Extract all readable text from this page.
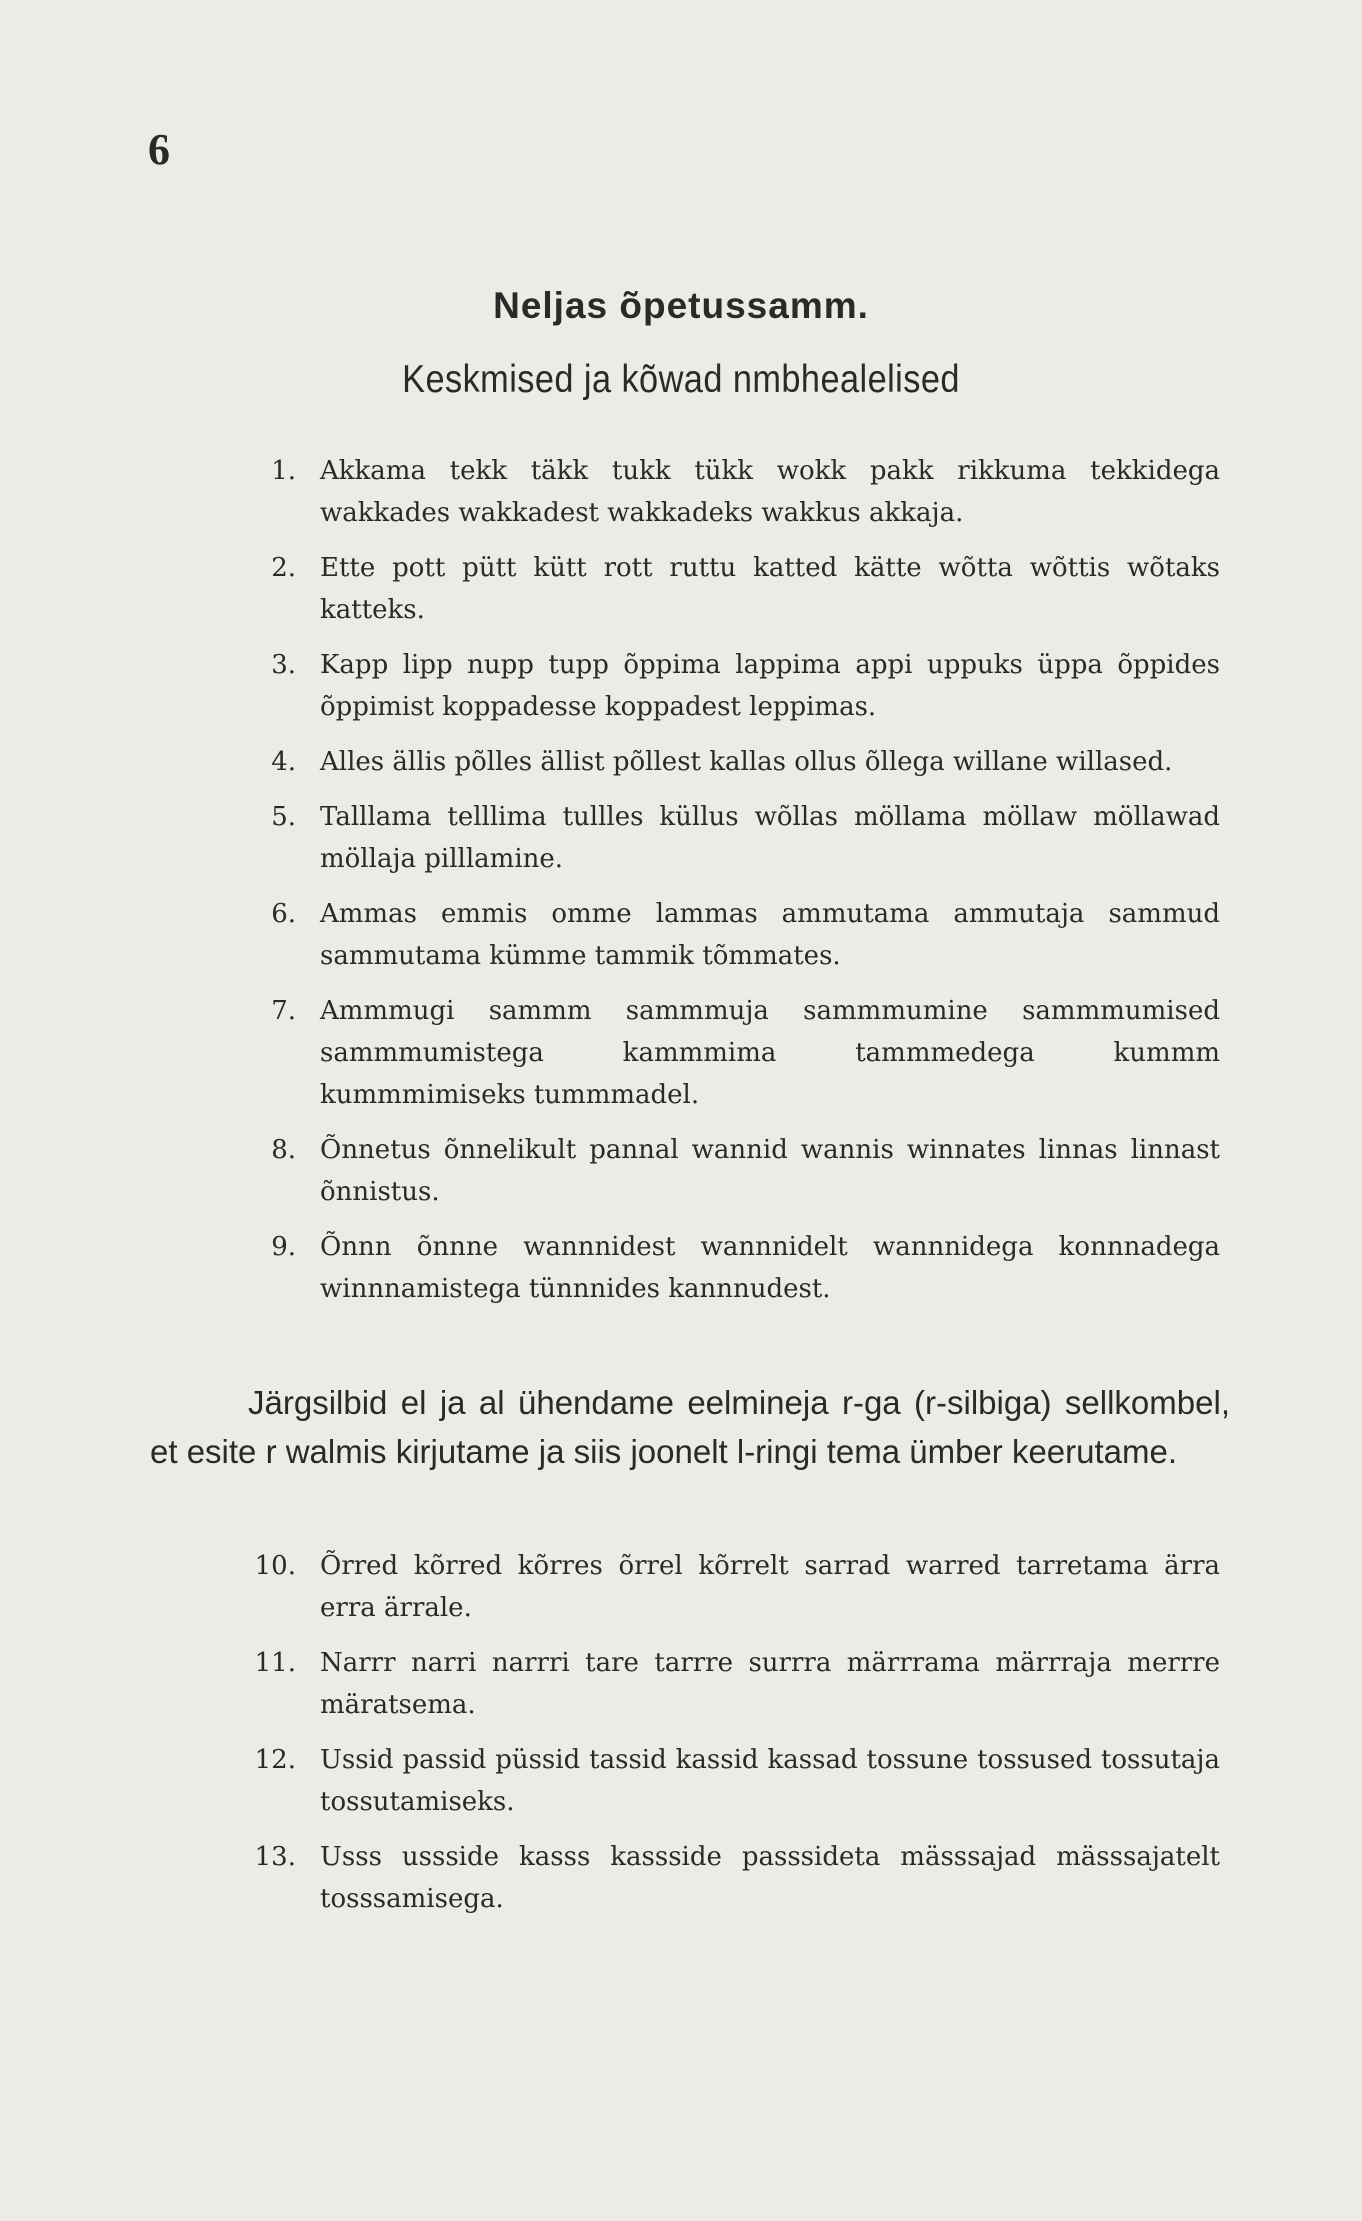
6
Neljas õpetussamm.
Keskmised ja kõwad nmbhealelised
1. Akkama tekk täkk tukk tükk wokk pakk rikkuma tekkidega wakkades wakkadest wakkadeks wakkus akkaja.
2. Ette pott pütt kütt rott ruttu katted kätte wõtta wõttis wõtaks katteks.
3. Kapp lipp nupp tupp õppima lappima appi uppuks üppa õppides õppimist koppadesse koppadest leppimas.
4. Alles ällis põlles ällist põllest kallas ollus õllega willane willased.
5. Talllama telllima tullles küllus wõllas möllama möllaw möllawad möllaja pilllamine.
6. Ammas emmis omme lammas ammutama ammutaja sammud sammutama kümme tammik tõmmates.
7. Ammmugi sammm sammmuja sammmumine sammmumised sammmumistega kammmima tammmedega kummm kummmimiseks tummmadel.
8. Õnnetus õnnelikult pannal wannid wannis winnates linnas linnast õnnistus.
9. Õnnn õnnne wannnidest wannnidelt wannnidega konnnadega winnnamistega tünnnides kannnudest.
Järgsilbid el ja al ühendame eelmineja r-ga (r-silbiga) sellkombel, et esite r walmis kirjutame ja siis joonelt l-ringi tema ümber keerutame.
10. Õrred kõrred kõrres õrrel kõrrelt sarrad warred tarretama ärra erra ärrale.
11. Narrr narri narrri tare tarrre surrra märrrama märrraja merrre märatsema.
12. Ussid passid püssid tassid kassid kassad tossune tossused tossutaja tossutamiseks.
13. Usss ussside kasss kassside passsideta mässsajad mässsajatelt tosssamisega.
